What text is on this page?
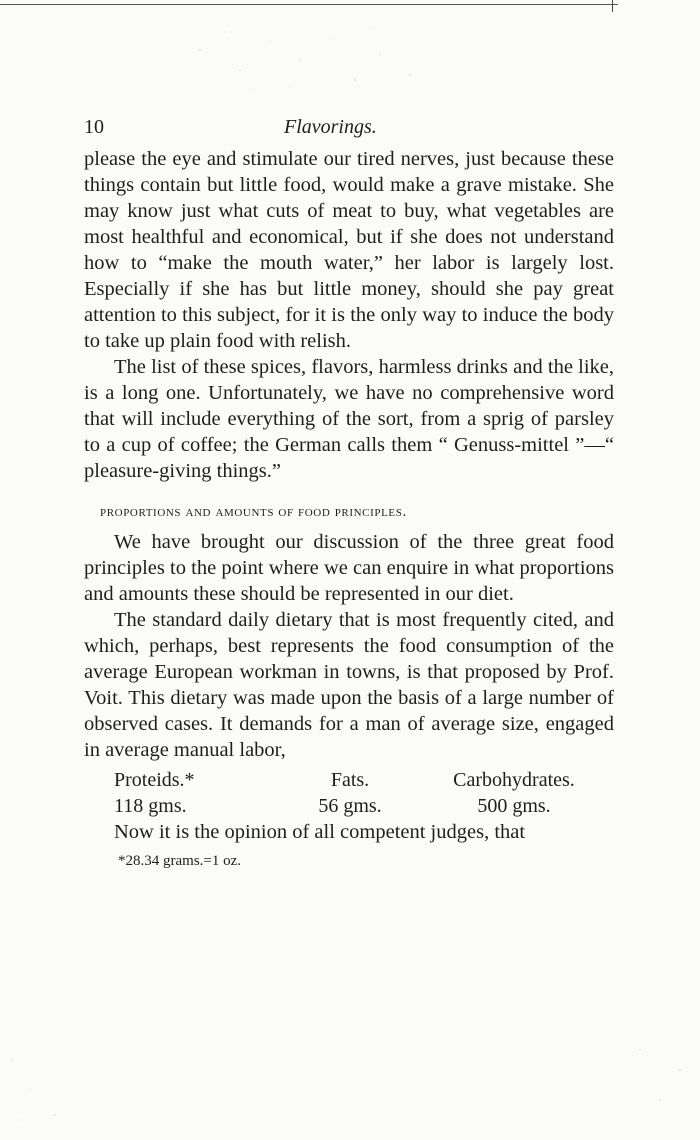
10	Flavorings.

please the eye and stimulate our tired nerves, just because these things contain but little food, would make a grave mistake. She may know just what cuts of meat to buy, what vegetables are most healthful and economical, but if she does not understand how to “make the mouth water,” her labor is largely lost. Especially if she has but little money, should she pay great attention to this subject, for it is the only way to induce the body to take up plain food with relish.

The list of these spices, flavors, harmless drinks and the like, is a long one. Unfortunately, we have no comprehensive word that will include everything of the sort, from a sprig of parsley to a cup of coffee; the German calls them “ Genuss-mittel ”—“ pleasure-giving things.”

proportions and amounts of food principles.

We have brought our discussion of the three great food principles to the point where we can enquire in what proportions and amounts these should be represented in our diet.

The standard daily dietary that is most frequently cited, and which, perhaps, best represents the food consumption of the average European workman in towns, is that proposed by Prof. Voit. This dietary was made upon the basis of a large number of observed cases. It demands for a man of average size, engaged in average manual labor,

Proteids.*	Fats.	Carbohydrates.
118 gms.	56 gms.	500 gms.

Now it is the opinion of all competent judges, that

*28.34 grams.=1 oz.
